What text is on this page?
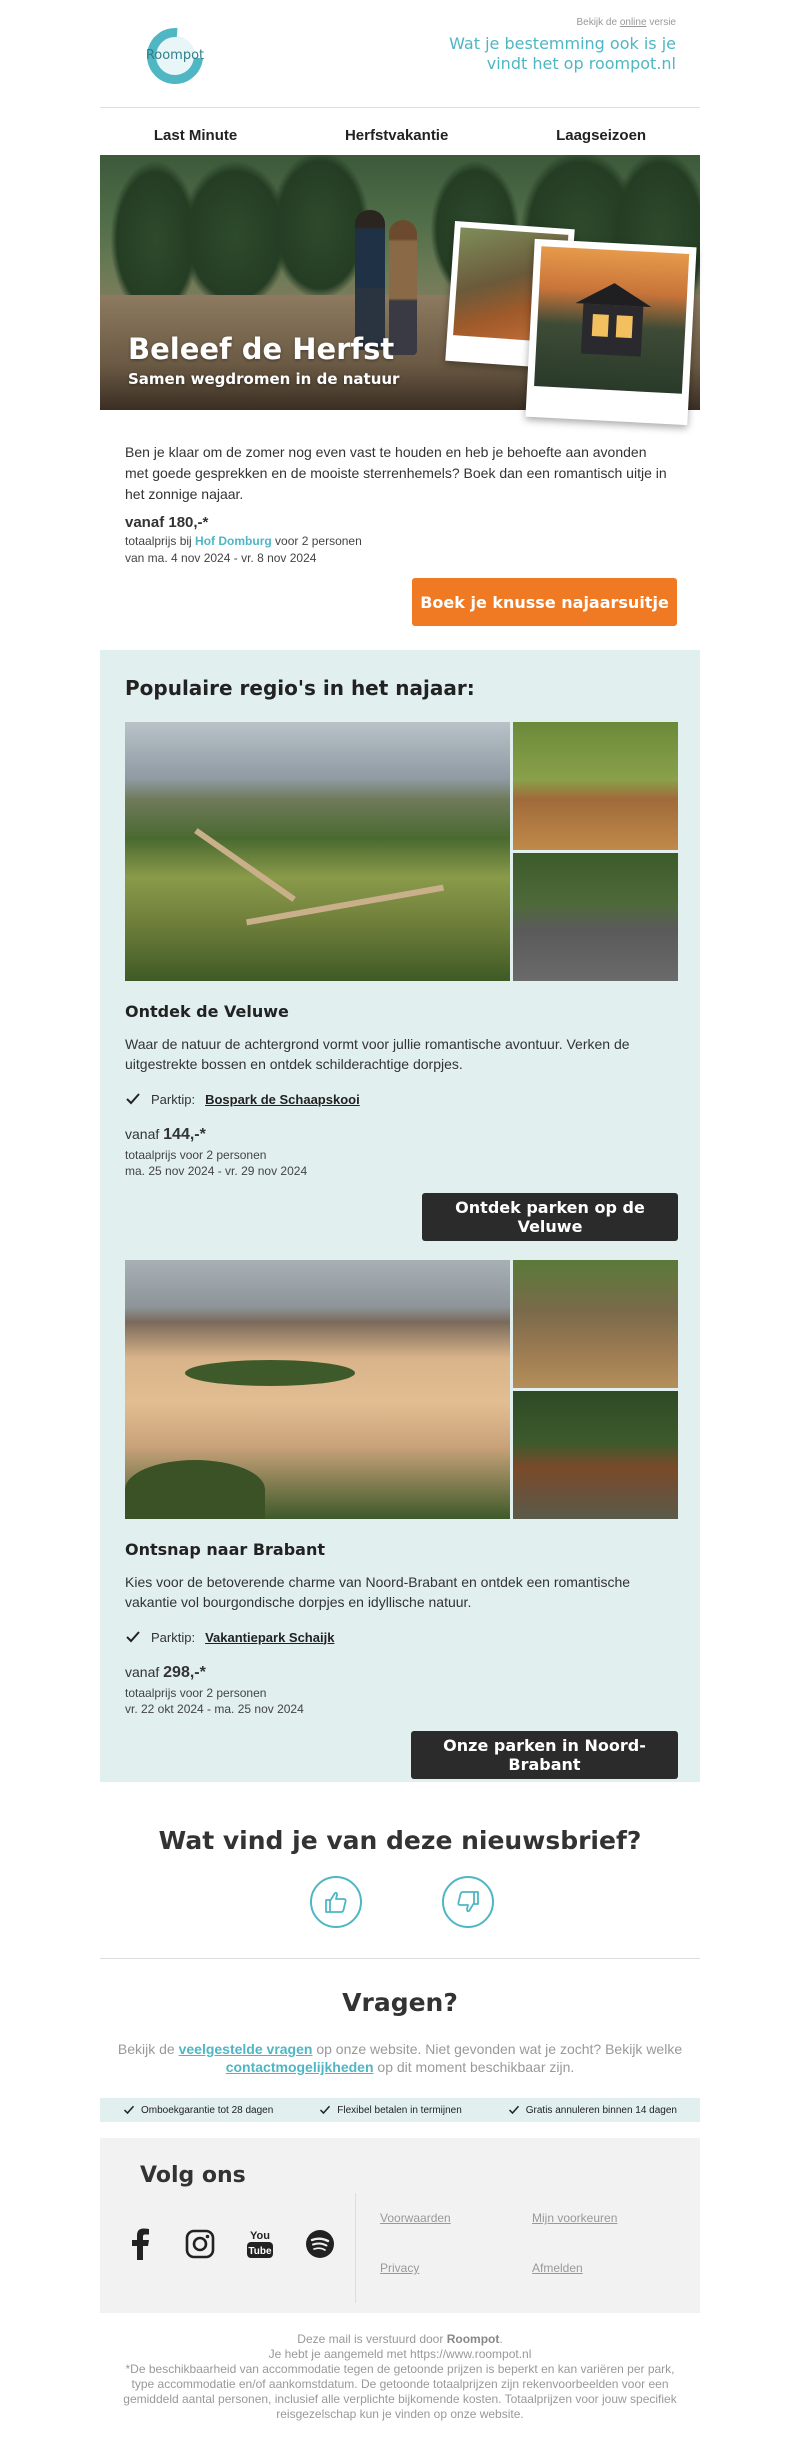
Roompot
Bekijk de online versie
Wat je bestemming ook is je vindt het op roompot.nl
Last Minute	Herfstvakantie	Laagseizoen
Beleef de Herfst
Samen wegdromen in de natuur
Ben je klaar om de zomer nog even vast te houden en heb je behoefte aan avonden met goede gesprekken en de mooiste sterrenhemels? Boek dan een romantisch uitje in het zonnige najaar.
vanaf 180,-*
totaalprijs bij Hof Domburg voor 2 personen
van ma. 4 nov 2024 - vr. 8 nov 2024
Boek je knusse najaarsuitje
Populaire regio's in het najaar:
Ontdek de Veluwe
Waar de natuur de achtergrond vormt voor jullie romantische avontuur. Verken de uitgestrekte bossen en ontdek schilderachtige dorpjes.
Parktip: Bospark de Schaapskooi
vanaf 144,-*
totaalprijs voor 2 personen
ma. 25 nov 2024 - vr. 29 nov 2024
Ontdek parken op de Veluwe
Ontsnap naar Brabant
Kies voor de betoverende charme van Noord-Brabant en ontdek een romantische vakantie vol bourgondische dorpjes en idyllische natuur.
Parktip: Vakantiepark Schaijk
vanaf 298,-*
totaalprijs voor 2 personen
vr. 22 okt 2024 - ma. 25 nov 2024
Onze parken in Noord-Brabant
Wat vind je van deze nieuwsbrief?
Vragen?
Bekijk de veelgestelde vragen op onze website. Niet gevonden wat je zocht? Bekijk welke contactmogelijkheden op dit moment beschikbaar zijn.
Omboekgarantie tot 28 dagen	Flexibel betalen in termijnen	Gratis annuleren binnen 14 dagen
Volg ons
You
Tube
Voorwaarden	Mijn voorkeuren
Privacy	Afmelden
Deze mail is verstuurd door Roompot.
Je hebt je aangemeld met https://www.roompot.nl
*De beschikbaarheid van accommodatie tegen de getoonde prijzen is beperkt en kan variëren per park, type accommodatie en/of aankomstdatum. De getoonde totaalprijzen zijn rekenvoorbeelden voor een gemiddeld aantal personen, inclusief alle verplichte bijkomende kosten. Totaalprijzen voor jouw specifiek reisgezelschap kun je vinden op onze website.
